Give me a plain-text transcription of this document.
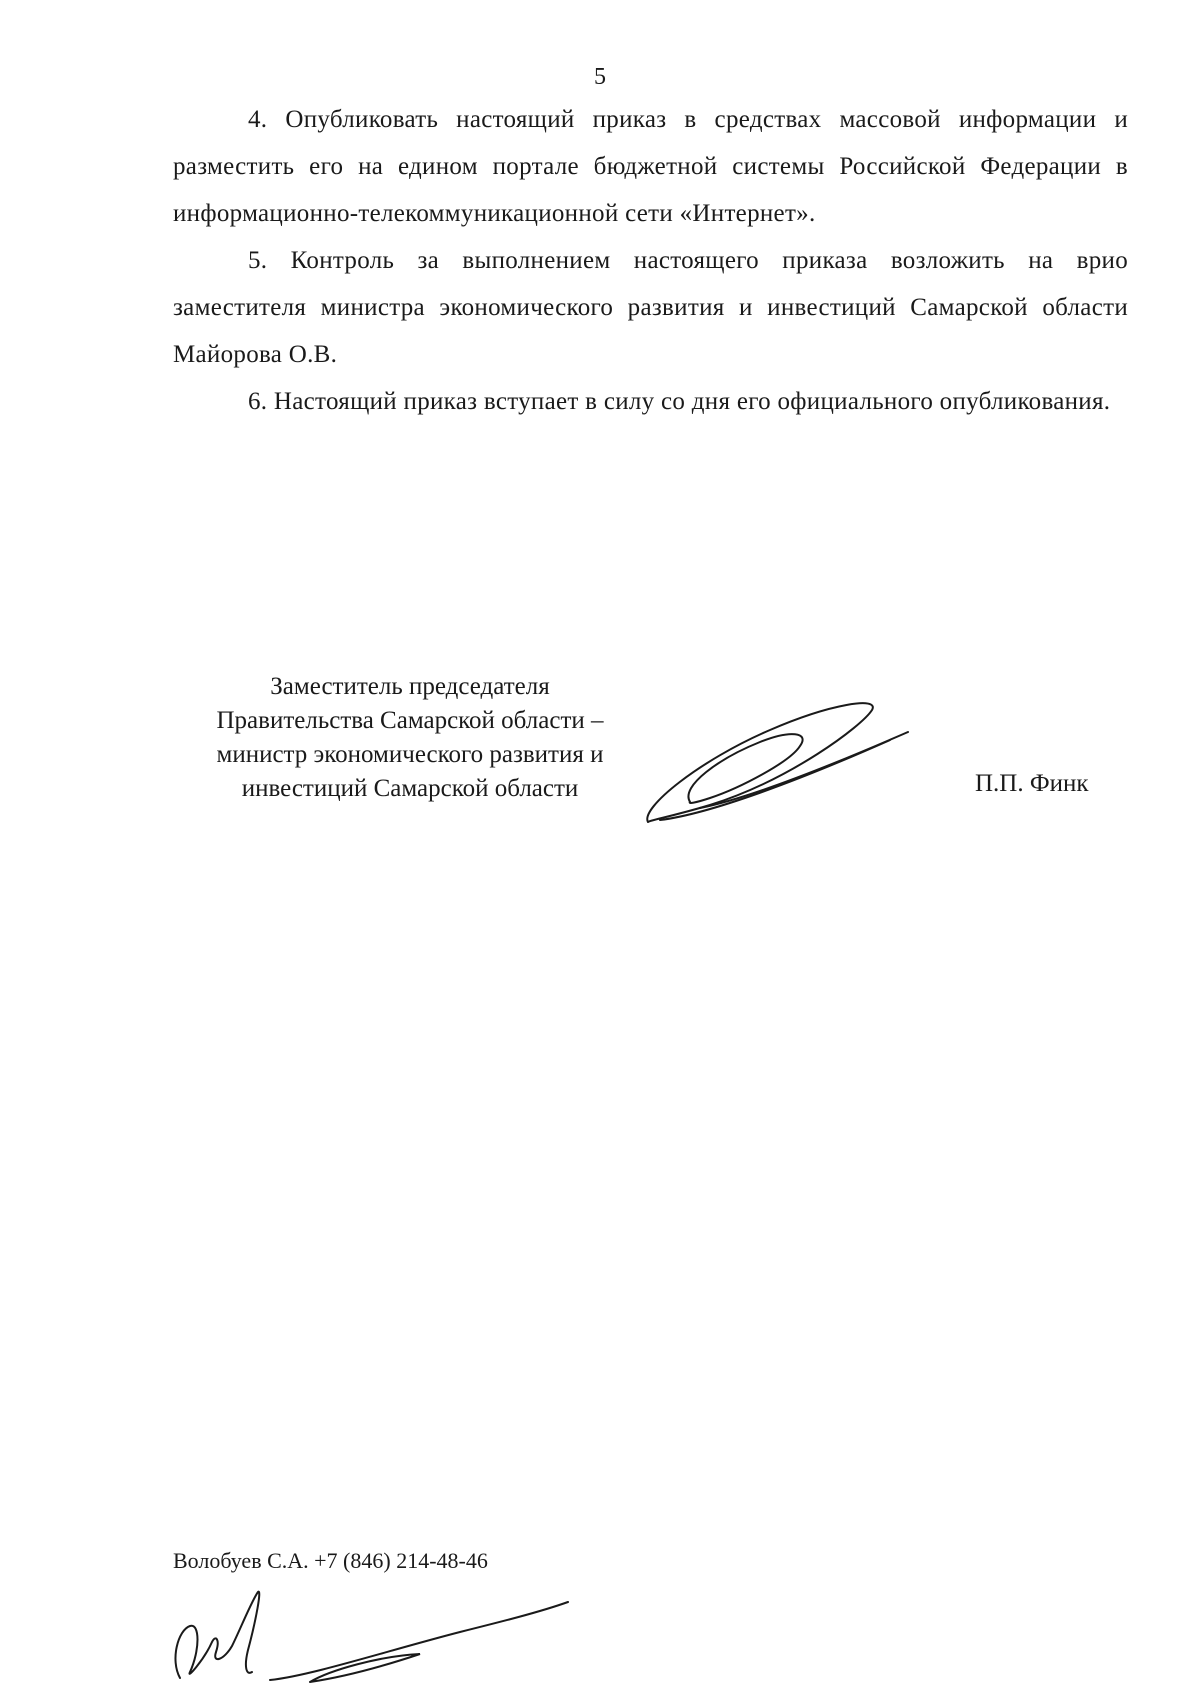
5

4. Опубликовать настоящий приказ в средствах массовой информации и разместить его на едином портале бюджетной системы Российской Федерации в информационно-телекоммуникационной сети «Интернет».

5. Контроль за выполнением настоящего приказа возложить на врио заместителя министра экономического развития и инвестиций Самарской области Майорова О.В.

6. Настоящий приказ вступает в силу со дня его официального опубликования.

Заместитель председателя
Правительства Самарской области –
министр экономического развития и
инвестиций Самарской области	П.П. Финк
Волобуев С.А. +7 (846) 214-48-46
